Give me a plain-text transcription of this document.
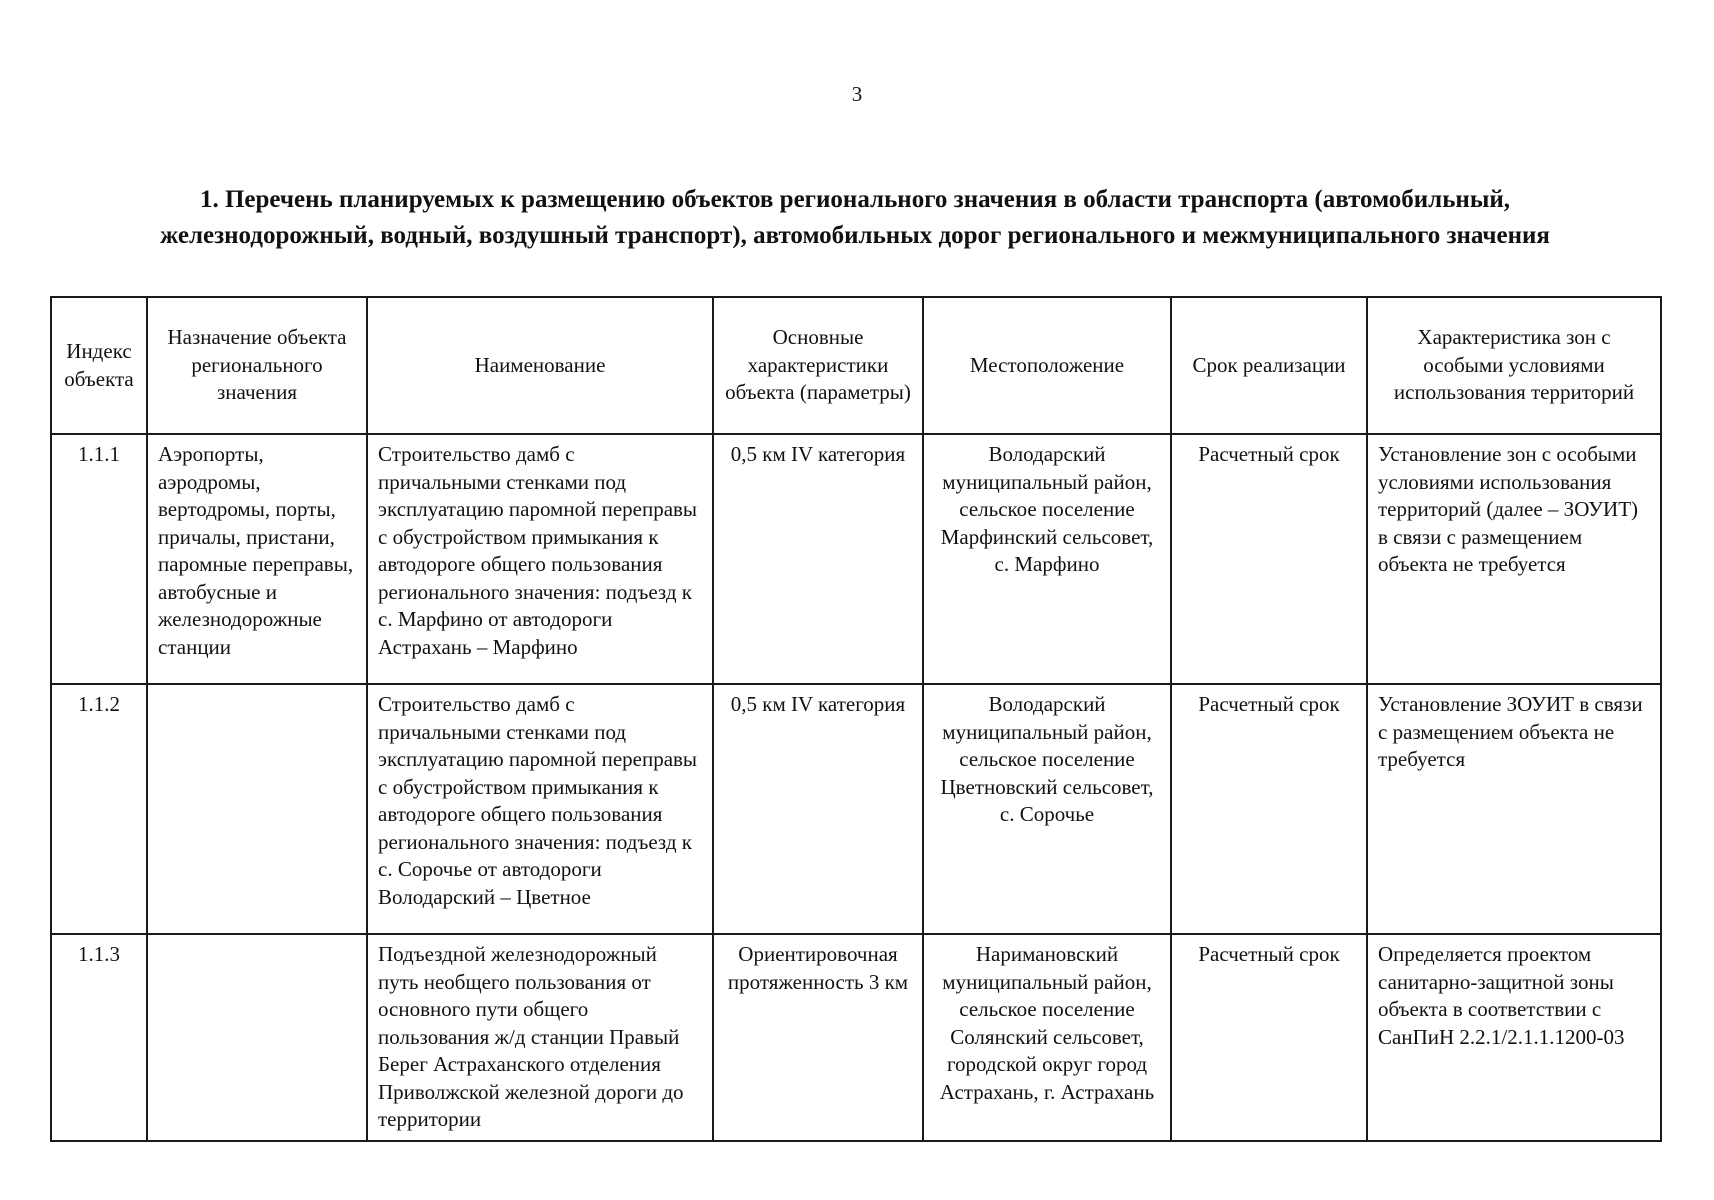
3
1. Перечень планируемых к размещению объектов регионального значения в области транспорта (автомобильный,
железнодорожный, водный, воздушный транспорт), автомобильных дорог регионального и межмуниципального значения
Индекс объекта	Назначение объекта регионального значения	Наименование	Основные характеристики объекта (параметры)	Местоположение	Срок реализации	Характеристика зон с особыми условиями использования территорий
1.1.1	Аэропорты, аэродромы, вертодромы, порты, причалы, пристани, паромные переправы, автобусные и железнодорожные станции	Строительство дамб с причальными стенками под эксплуатацию паромной переправы с обустройством примыкания к автодороге общего пользования регионального значения: подъезд к с. Марфино от автодороги Астрахань – Марфино	0,5 км IV категория	Володарский муниципальный район, сельское поселение Марфинский сельсовет, с. Марфино	Расчетный срок	Установление зон с особыми условиями использования территорий (далее – ЗОУИТ) в связи с размещением объекта не требуется
1.1.2		Строительство дамб с причальными стенками под эксплуатацию паромной переправы с обустройством примыкания к автодороге общего пользования регионального значения: подъезд к с. Сорочье от автодороги Володарский – Цветное	0,5 км IV категория	Володарский муниципальный район, сельское поселение Цветновский сельсовет, с. Сорочье	Расчетный срок	Установление ЗОУИТ в связи с размещением объекта не требуется
1.1.3		Подъездной железнодорожный путь необщего пользования от основного пути общего пользования ж/д станции Правый Берег Астраханского отделения Приволжской железной дороги до территории	Ориентировочная протяженность 3 км	Наримановский муниципальный район, сельское поселение Солянский сельсовет, городской округ город Астрахань, г. Астрахань	Расчетный срок	Определяется проектом санитарно-защитной зоны объекта в соответствии с СанПиН 2.2.1/2.1.1.1200-03
